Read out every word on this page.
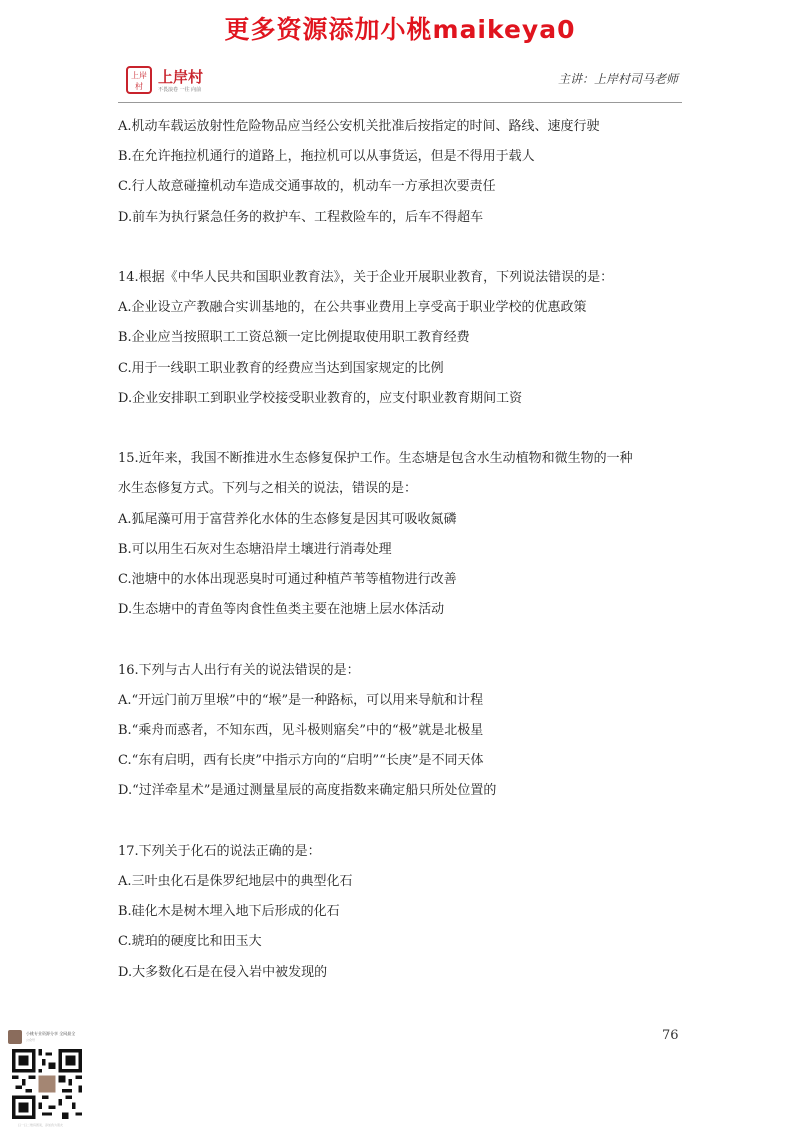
更多资源添加小桃maikeya0
上岸村
上岸村
不畏浪卷 一往 向前
主讲：上岸村司马老师
A.机动车载运放射性危险物品应当经公安机关批准后按指定的时间、路线、速度行驶
B.在允许拖拉机通行的道路上，拖拉机可以从事货运，但是不得用于载人
C.行人故意碰撞机动车造成交通事故的，机动车一方承担次要责任
D.前车为执行紧急任务的救护车、工程救险车的，后车不得超车
14.根据《中华人民共和国职业教育法》，关于企业开展职业教育，下列说法错误的是：
A.企业设立产教融合实训基地的，在公共事业费用上享受高于职业学校的优惠政策
B.企业应当按照职工工资总额一定比例提取使用职工教育经费
C.用于一线职工职业教育的经费应当达到国家规定的比例
D.企业安排职工到职业学校接受职业教育的，应支付职业教育期间工资
15.近年来，我国不断推进水生态修复保护工作。生态塘是包含水生动植物和微生物的一种
水生态修复方式。下列与之相关的说法，错误的是：
A.狐尾藻可用于富营养化水体的生态修复是因其可吸收氮磷
B.可以用生石灰对生态塘沿岸土壤进行消毒处理
C.池塘中的水体出现恶臭时可通过种植芦苇等植物进行改善
D.生态塘中的青鱼等肉食性鱼类主要在池塘上层水体活动
16.下列与古人出行有关的说法错误的是：
A.“开远门前万里堠”中的“堠”是一种路标，可以用来导航和计程
B.“乘舟而惑者，不知东西，见斗极则寤矣”中的“极”就是北极星
C.“东有启明，西有长庚”中指示方向的“启明”“长庚”是不同天体
D.“过洋牵星术”是通过测量星辰的高度指数来确定船只所处位置的
17.下列关于化石的说法正确的是：
A.三叶虫化石是侏罗纪地层中的典型化石
B.硅化木是树木埋入地下后形成的化石
C.琥珀的硬度比和田玉大
D.大多数化石是在侵入岩中被发现的
76
小桃专业资源分享 全网最全
公众号
扫一扫二维码图案，添加我为朋友
